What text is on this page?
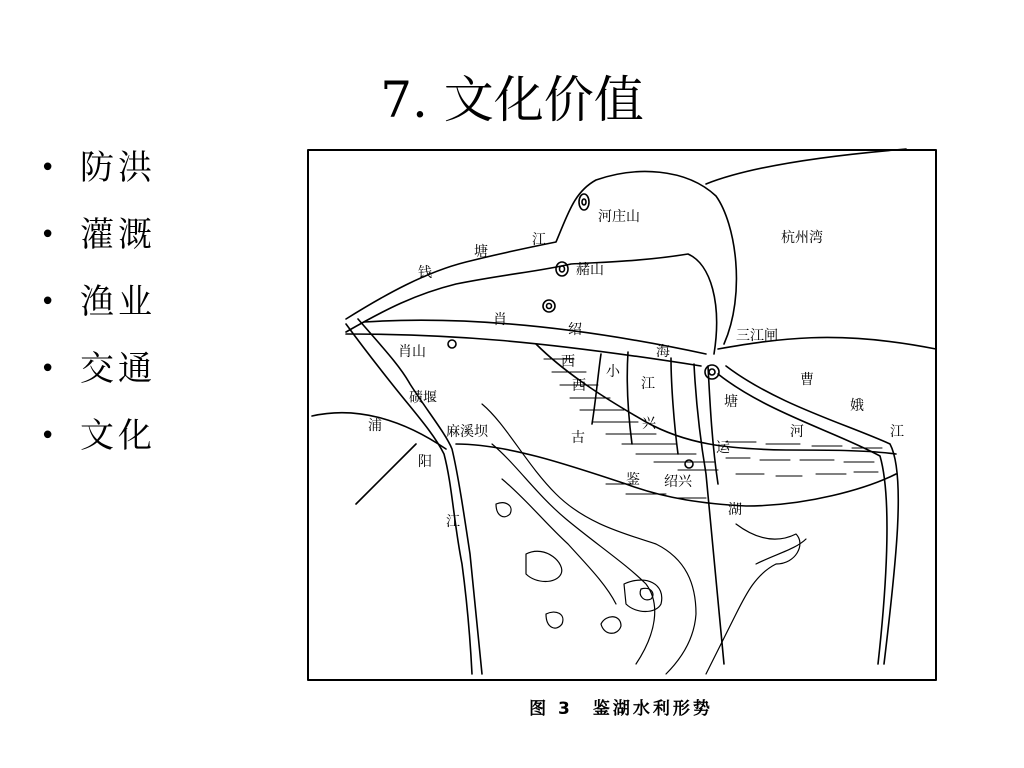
7. 文化价值
• 防洪
• 灌溉
• 渔业
• 交通
• 文化
河庄山
杭州湾
江
塘
赭山
钱
肖
绍	三江闸
肖山
西
小
海
曹
西	江
塘	娥
碛堰
浦	麻溪坝	兴
运
河	江
古
阳
鉴 绍兴
湖
江
图 3　鉴湖水利形势
